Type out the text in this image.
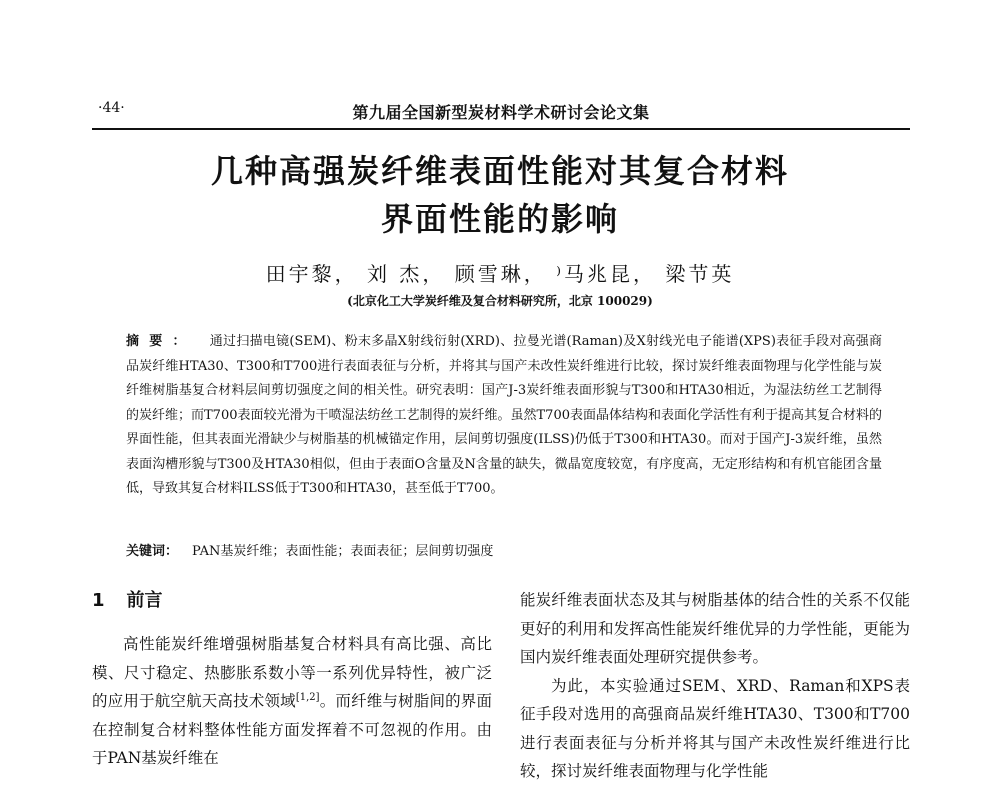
·44·	第九届全国新型炭材料学术研讨会论文集
几种高强炭纤维表面性能对其复合材料
界面性能的影响
田宇黎， 刘 杰， 顾雪琳， ⁾马兆昆， 梁节英
(北京化工大学炭纤维及复合材料研究所，北京 100029)
摘要： 通过扫描电镜(SEM)、粉末多晶X射线衍射(XRD)、拉曼光谱(Raman)及X射线光电子能谱(XPS)表征手段对高强商品炭纤维HTA30、T300和T700进行表面表征与分析，并将其与国产未改性炭纤维进行比较，探讨炭纤维表面物理与化学性能与炭纤维树脂基复合材料层间剪切强度之间的相关性。研究表明：国产J-3炭纤维表面形貌与T300和HTA30相近，为湿法纺丝工艺制得的炭纤维；而T700表面较光滑为干喷湿法纺丝工艺制得的炭纤维。虽然T700表面晶体结构和表面化学活性有利于提高其复合材料的界面性能，但其表面光滑缺少与树脂基的机械锚定作用，层间剪切强度(ILSS)仍低于T300和HTA30。而对于国产J-3炭纤维，虽然表面沟槽形貌与T300及HTA30相似，但由于表面O含量及N含量的缺失，微晶宽度较宽，有序度高，无定形结构和有机官能团含量低，导致其复合材料ILSS低于T300和HTA30，甚至低于T700。
关键词： PAN基炭纤维；表面性能；表面表征；层间剪切强度
1 前言

高性能炭纤维增强树脂基复合材料具有高比强、高比模、尺寸稳定、热膨胀系数小等一系列优异特性，被广泛的应用于航空航天高技术领域[1,2]。而纤维与树脂间的界面在控制复合材料整体性能方面发挥着不可忽视的作用。由于PAN基炭纤维在

能炭纤维表面状态及其与树脂基体的结合性的关系不仅能更好的利用和发挥高性能炭纤维优异的力学性能，更能为国内炭纤维表面处理研究提供参考。

为此，本实验通过SEM、XRD、Raman和XPS表征手段对选用的高强商品炭纤维HTA30、T300和T700进行表面表征与分析并将其与国产未改性炭纤维进行比较，探讨炭纤维表面物理与化学性能
